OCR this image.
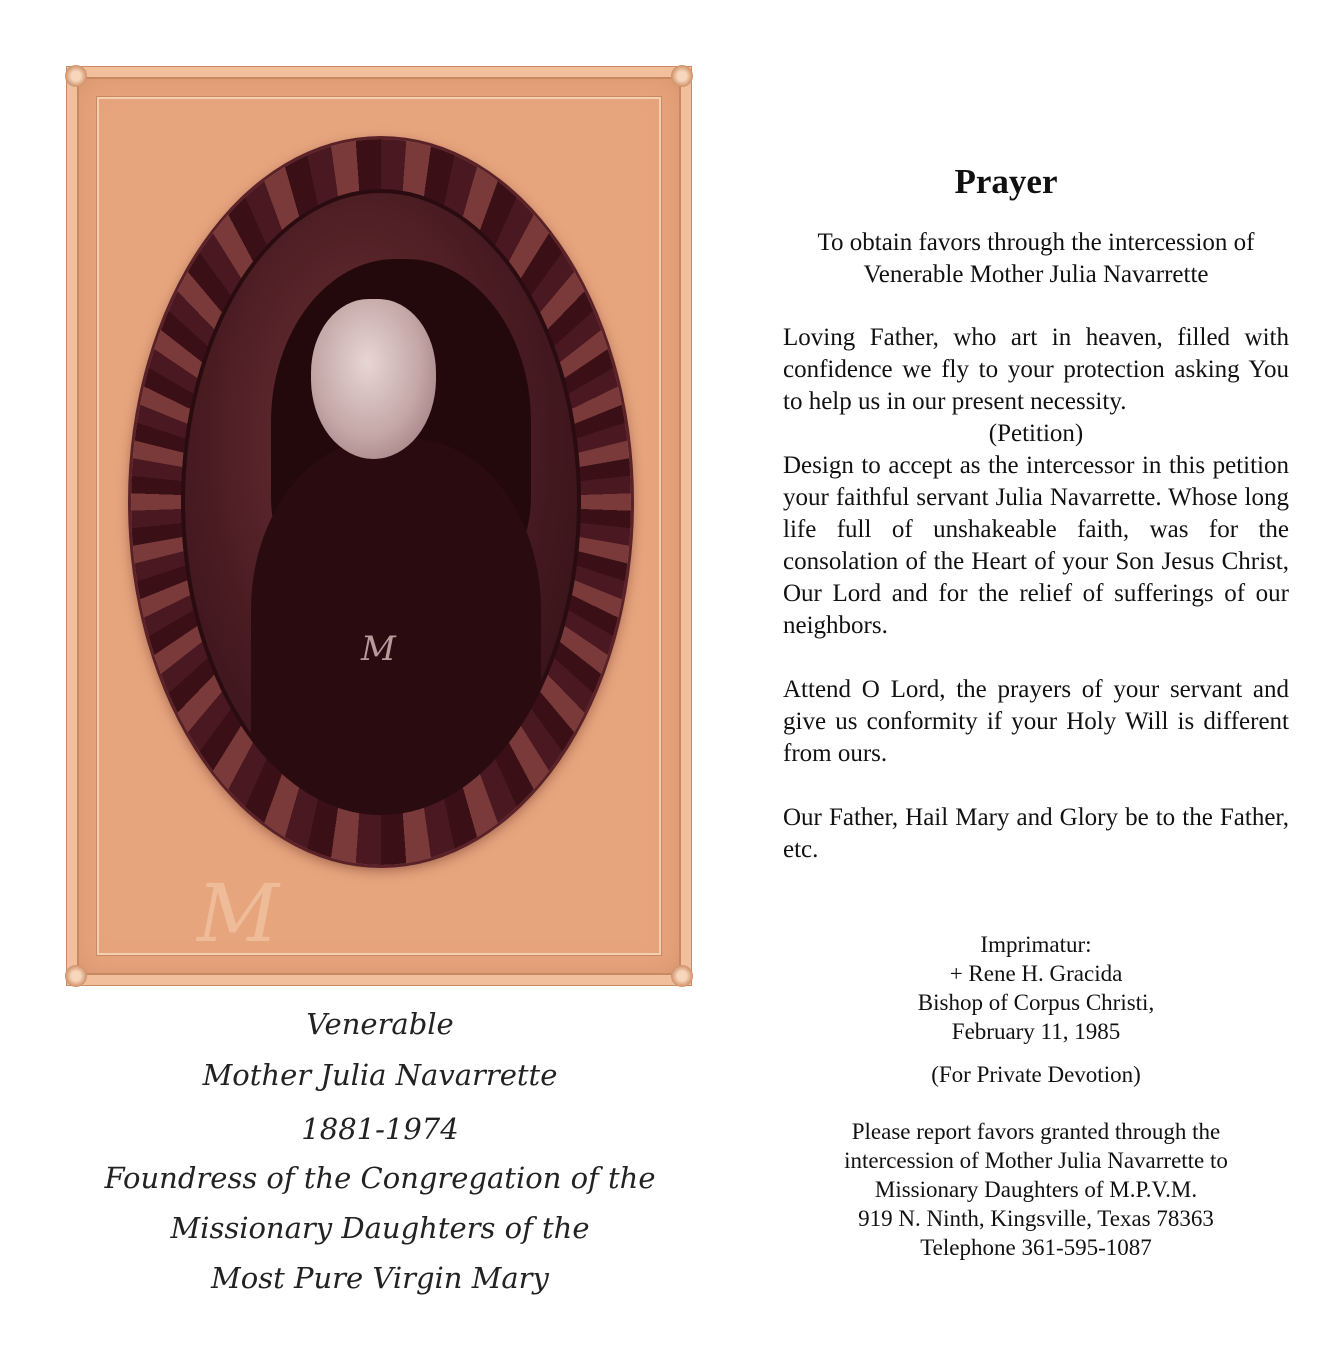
M
M
Venerable
Mother Julia Navarrette
1881-1974
Foundress of the Congregation of the
Missionary Daughters of the
Most Pure Virgin Mary
Prayer
To obtain favors through the intercession of
Venerable Mother Julia Navarrette

Loving Father, who art in heaven, filled with confidence we fly to your protection asking You to help us in our present necessity.

(Petition)

Design to accept as the intercessor in this petition your faithful servant Julia Navarrette. Whose long life full of unshakeable faith, was for the consolation of the Heart of your Son Jesus Christ, Our Lord and for the relief of sufferings of our neighbors.

Attend O Lord, the prayers of your servant and give us conformity if your Holy Will is different from ours.

Our Father, Hail Mary and Glory be to the Father, etc.

Imprimatur:
+ Rene H. Gracida
Bishop of Corpus Christi,
February 11, 1985
(For Private Devotion)
Please report favors granted through the
intercession of Mother Julia Navarrette to
Missionary Daughters of M.P.V.M.
919 N. Ninth, Kingsville, Texas 78363
Telephone 361-595-1087
